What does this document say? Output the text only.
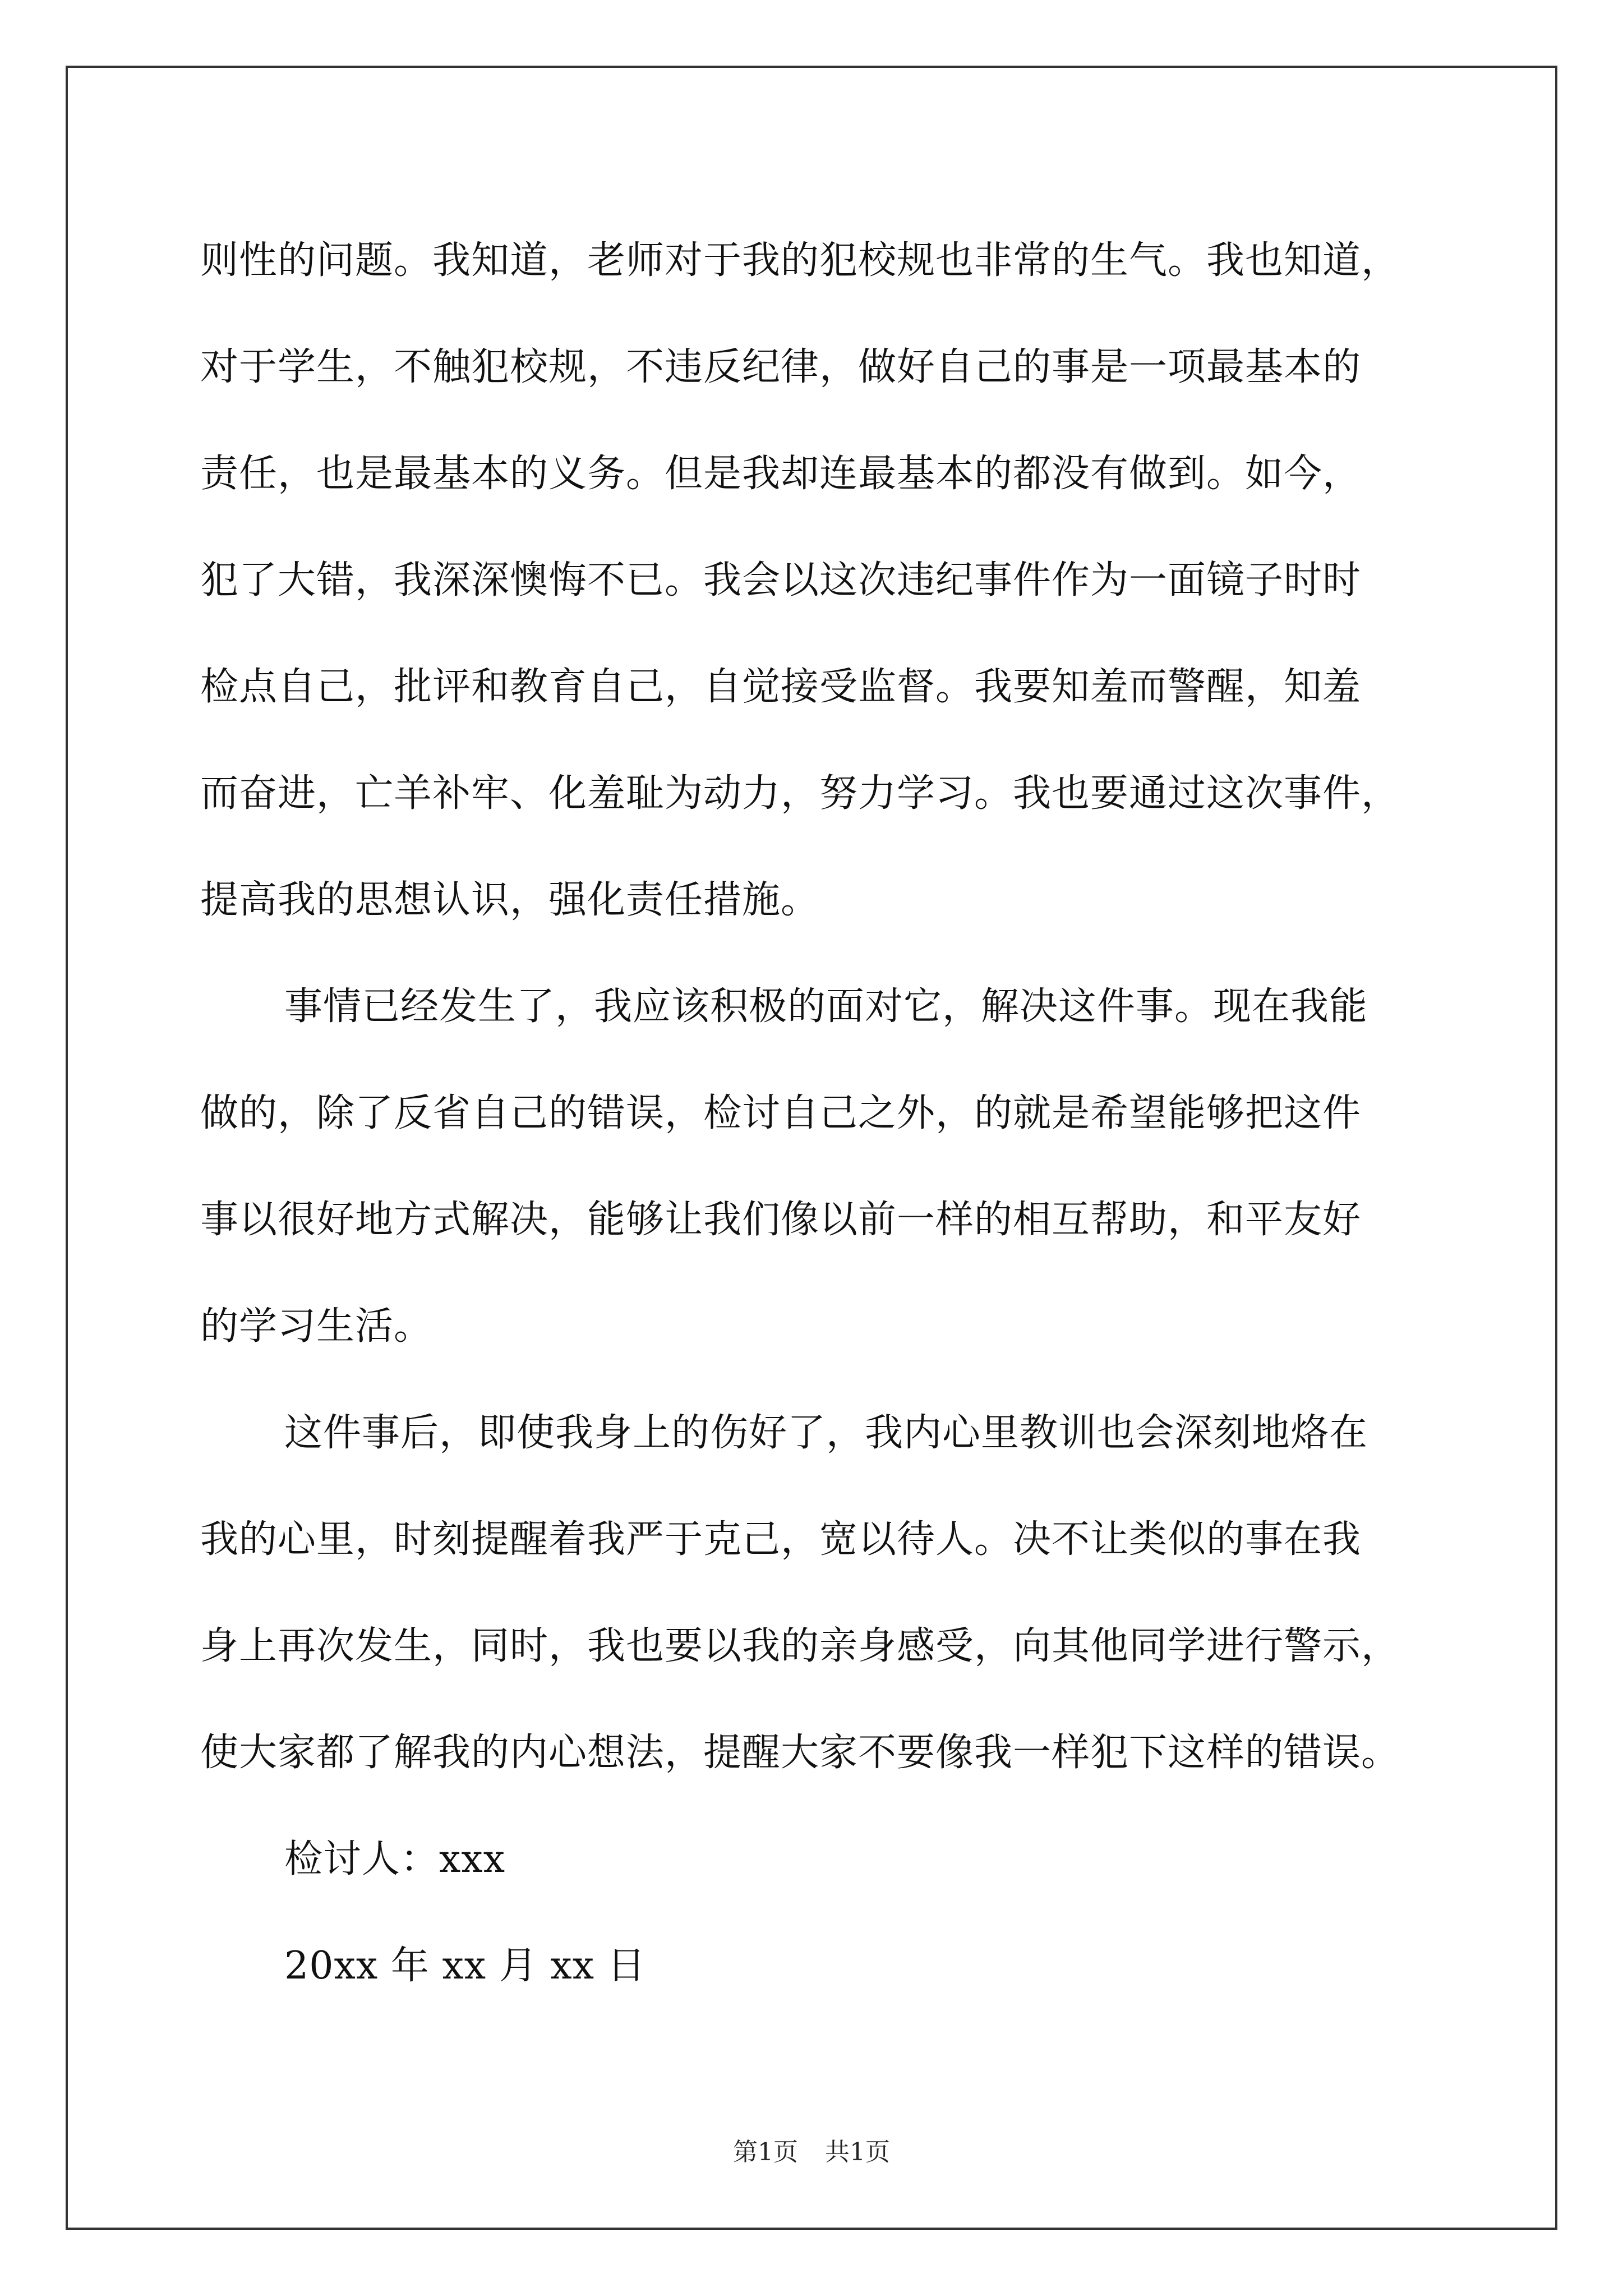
则性的问题。我知道，老师对于我的犯校规也非常的生气。我也知道，
对于学生，不触犯校规，不违反纪律，做好自己的事是一项最基本的
责任，也是最基本的义务。但是我却连最基本的都没有做到。如今，
犯了大错，我深深懊悔不已。我会以这次违纪事件作为一面镜子时时
检点自己，批评和教育自己，自觉接受监督。我要知羞而警醒，知羞
而奋进，亡羊补牢、化羞耻为动力，努力学习。我也要通过这次事件，
提高我的思想认识，强化责任措施。
事情已经发生了，我应该积极的面对它，解决这件事。现在我能
做的，除了反省自己的错误，检讨自己之外，的就是希望能够把这件
事以很好地方式解决，能够让我们像以前一样的相互帮助，和平友好
的学习生活。
这件事后，即使我身上的伤好了，我内心里教训也会深刻地烙在
我的心里，时刻提醒着我严于克己，宽以待人。决不让类似的事在我
身上再次发生，同时，我也要以我的亲身感受，向其他同学进行警示，
使大家都了解我的内心想法，提醒大家不要像我一样犯下这样的错误。
检讨人：xxx
20xx 年 xx 月 xx 日
第1页 共1页
